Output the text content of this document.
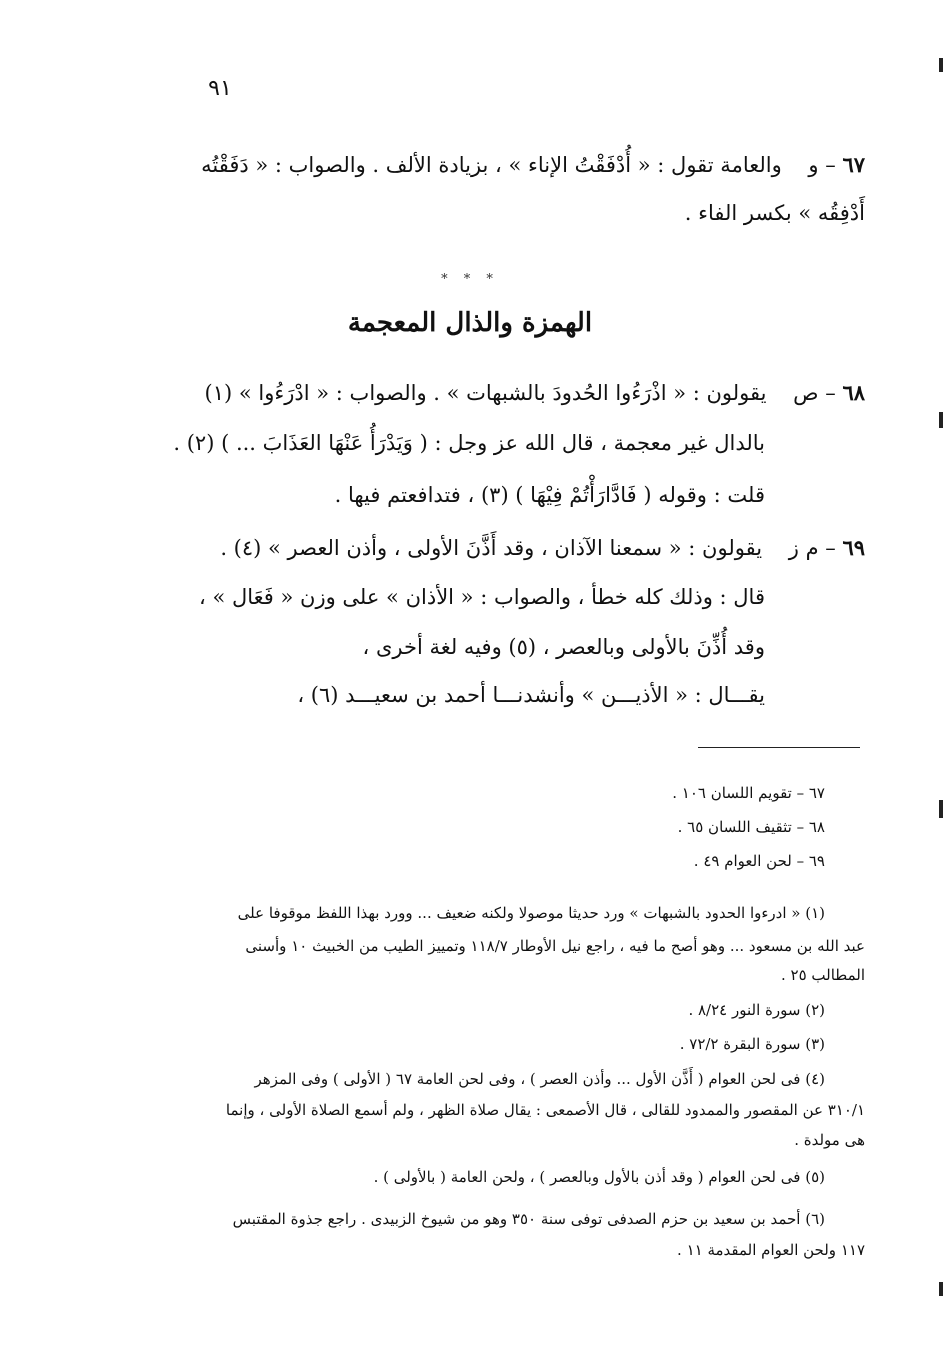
٩١
٦٧ – و    والعامة تقول : « أُدْفَقْتُ الإناء » ، بزيادة الألف . والصواب : « دَفَقْتُه
أَدْفِقُه » بكسر الفاء .
* * *
الهمزة والذال المعجمة
٦٨ – ص    يقولون : « اذْرَءُوا الحُدودَ بالشبهات » . والصواب : « ادْرَءُوا » (١)
بالدال غير معجمة ، قال الله عز وجل : ( وَيَدْرَأُ عَنْهَا العَذَابَ ... ) (٢) .
قلت : وقوله ( فَادَّارَأْتُمْ فِيْهَا ) (٣) ، فتدافعتم فيها .
٦٩ – م ز    يقولون : « سمعنا الآذان ، وقد أَذَّنَ الأولى ، وأذن العصر » (٤) .
قال : وذلك كله خطأ ، والصواب : « الأذان » على وزن « فَعَال » ،
وقد أُذِّنَ بالأولى وبالعصر ، (٥) وفيه لغة أخرى ،
يقـــال : « الأذيـــن » وأنشدنـــا أحمد بن سعيـــد (٦) ،
٦٧ – تقويم اللسان ١٠٦ .
٦٨ – تثقيف اللسان ٦٥ .
٦٩ – لحن العوام ٤٩ .
(١) « ادرءوا الحدود بالشبهات » ورد حديثا موصولا ولكنه ضعيف ... وورد بهذا اللفظ موقوفا على
عبد الله بن مسعود ... وهو أصح ما فيه ، راجع نيل الأوطار ١١٨/٧ وتمييز الطيب من الخبيث ١٠ وأسنى
المطالب ٢٥ .
(٢) سورة النور ٨/٢٤ .
(٣) سورة البقرة ٧٢/٢ .
(٤) فى لحن العوام ( أَذَّن الأول ... وأذن العصر ) ، وفى لحن العامة ٦٧ ( الأولى ) وفى المزهر
٣١٠/١ عن المقصور والممدود للقالى ، قال الأصمعى : يقال صلاة الظهر ، ولم أسمع الصلاة الأولى ، وإنما
هى مولدة .
(٥) فى لحن العوام ( وقد أذن بالأول وبالعصر ) ، ولحن العامة ( بالأولى ) .
(٦) أحمد بن سعيد بن حزم الصدفى توفى سنة ٣٥٠ وهو من شيوخ الزبيدى . راجع جذوة المقتبس
١١٧ ولحن العوام المقدمة ١١ .
